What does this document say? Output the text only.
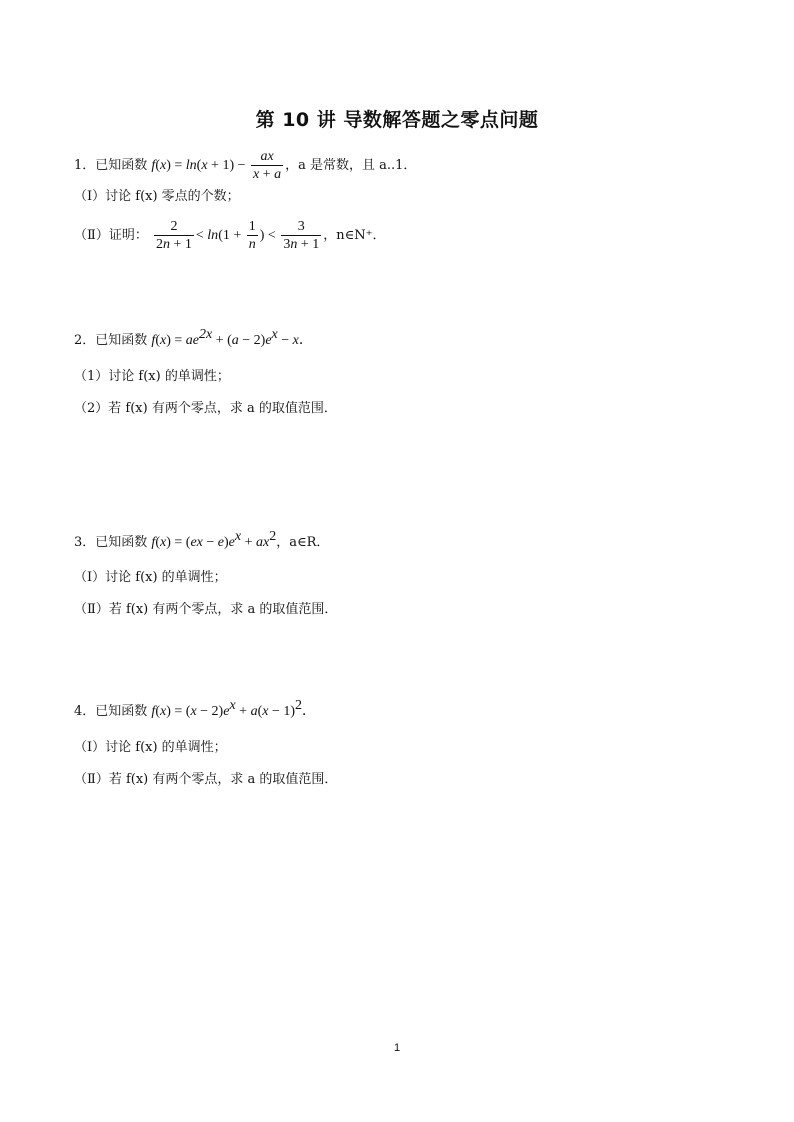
第 10 讲 导数解答题之零点问题
1．已知函数 $f(x) = \ln(x + 1) - \frac{ax}{x + a}$ ，a 是常数，且 a..1．
（Ⅰ）讨论 f(x) 零点的个数；
（Ⅱ）证明： $\frac{2}{2n + 1} < \ln(1 + \frac{1}{n}$ ) < $\frac{3}{3n + 1}$ ，n∈N⁺．
2．已知函数 $f(x) = ae^{2x} + (a - 2)e^x - x$．
（1）讨论 f(x) 的单调性；
（2）若 f(x) 有两个零点，求 a 的取值范围．
3．已知函数 $f(x) = (ex - e)e^x + ax^2$，a∈R．
（Ⅰ）讨论 f(x) 的单调性；
（Ⅱ）若 f(x) 有两个零点，求 a 的取值范围．
4．已知函数 $f(x) = (x - 2)e^x + a(x - 1)^2$．
（Ⅰ）讨论 f(x) 的单调性；
（Ⅱ）若 f(x) 有两个零点，求 a 的取值范围．
1
